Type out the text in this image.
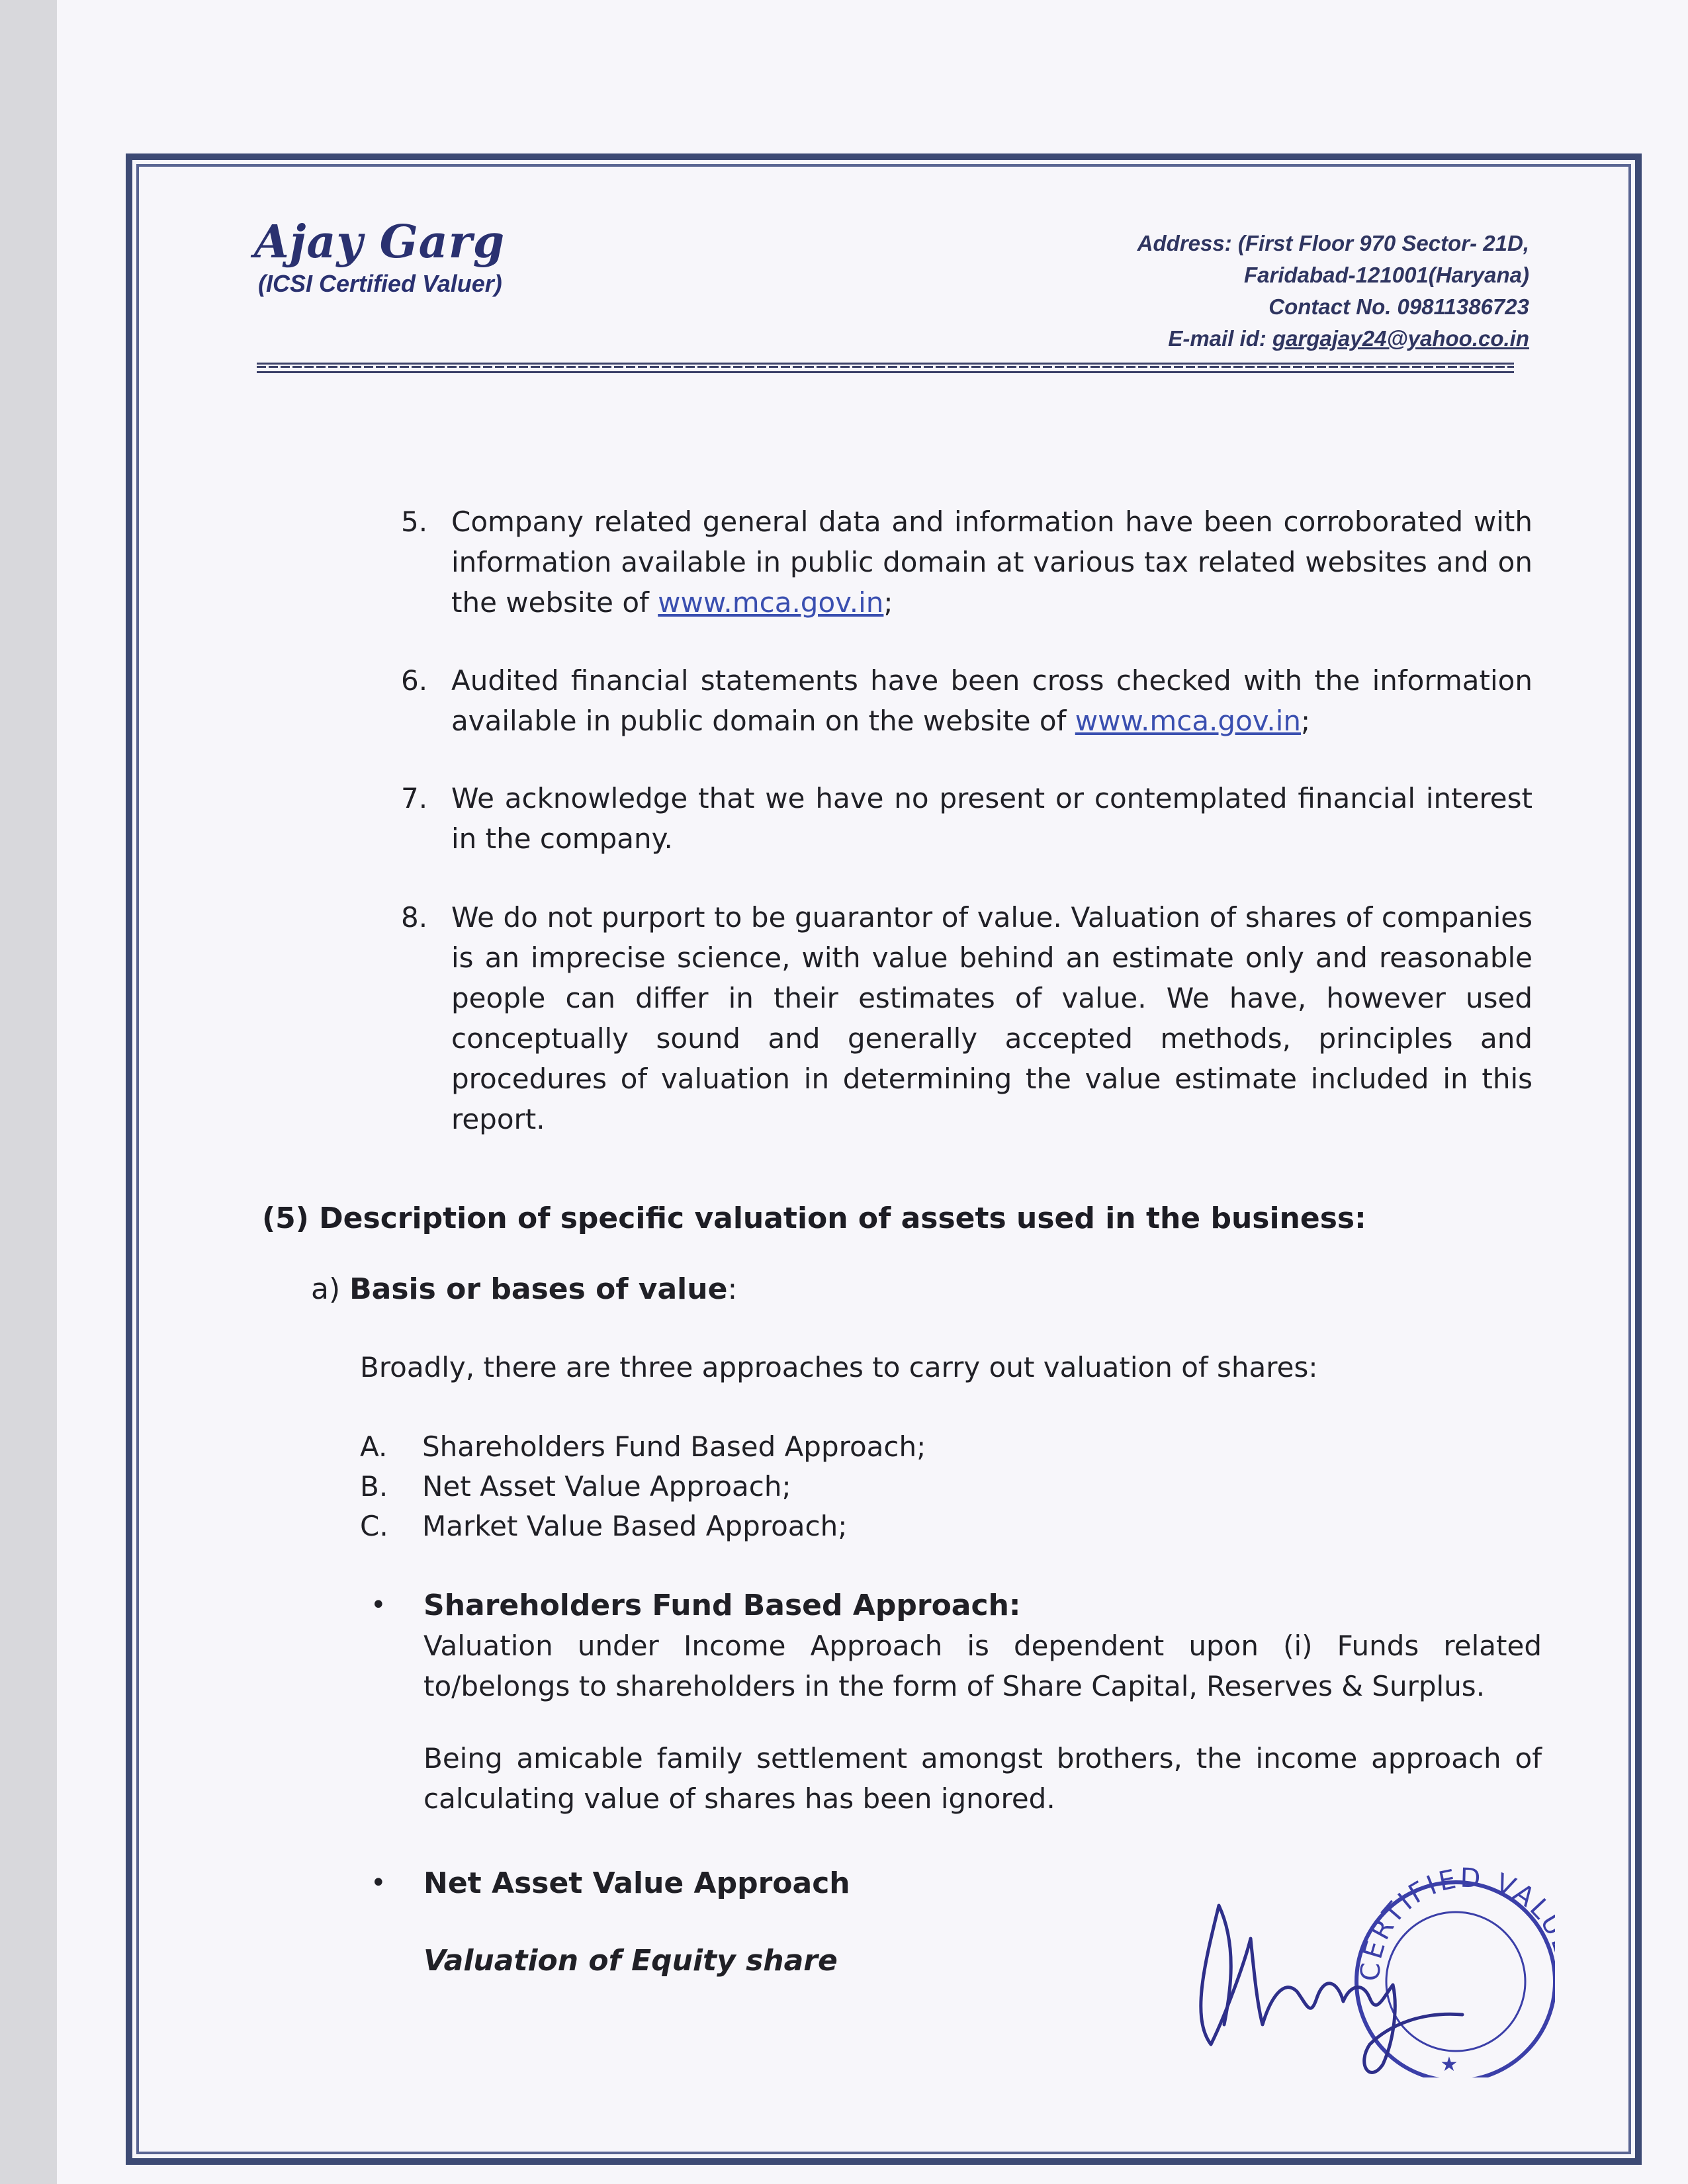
Ajay Garg
(ICSI Certified Valuer)
Address: (First Floor 970 Sector- 21D,
Faridabad-121001(Haryana)
Contact No. 09811386723
E-mail id: gargajay24@yahoo.co.in
5. Company related general data and information have been corroborated with information available in public domain at various tax related websites and on the website of www.mca.gov.in;
6. Audited financial statements have been cross checked with the information available in public domain on the website of www.mca.gov.in;
7. We acknowledge that we have no present or contemplated financial interest in the company.
8. We do not purport to be guarantor of value. Valuation of shares of companies is an imprecise science, with value behind an estimate only and reasonable people can differ in their estimates of value. We have, however used conceptually sound and generally accepted methods, principles and procedures of valuation in determining the value estimate included in this report.
(5) Description of specific valuation of assets used in the business:
a) Basis or bases of value:
Broadly, there are three approaches to carry out valuation of shares:
A. Shareholders Fund Based Approach;
B. Net Asset Value Approach;
C. Market Value Based Approach;
• Shareholders Fund Based Approach:
Valuation under Income Approach is dependent upon (i) Funds related to/belongs to shareholders in the form of Share Capital, Reserves & Surplus.
Being amicable family settlement amongst brothers, the income approach of calculating value of shares has been ignored.
• Net Asset Value Approach
Valuation of Equity share	CERTIFIED VAL
★
